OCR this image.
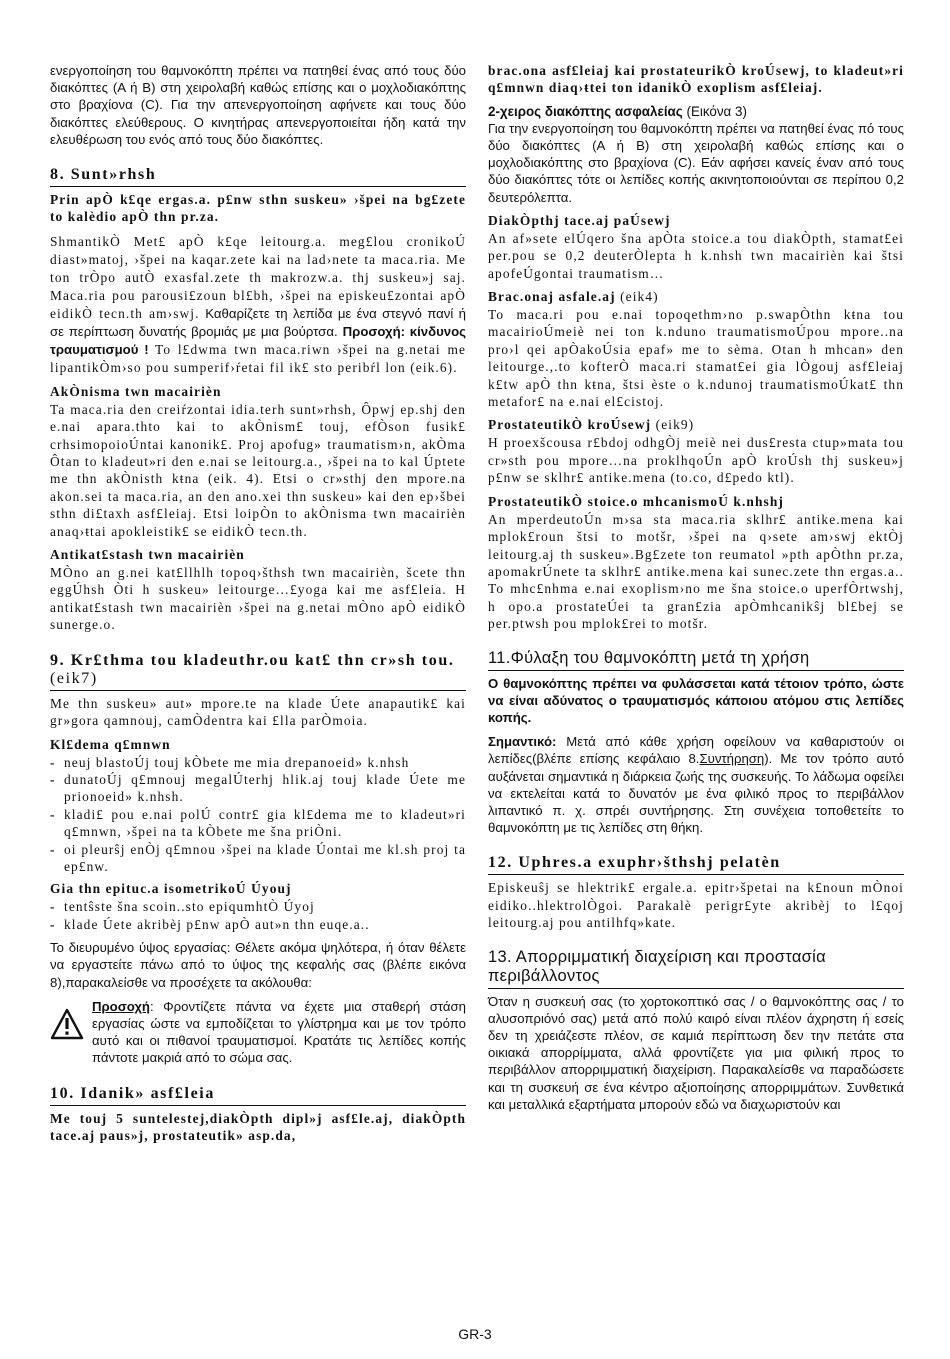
ενεργοποίηση του θαμνοκόπτη πρέπει να πατηθεί ένας από τους δύο διακόπτες (A ή B) στη χειρολαβή καθώς επίσης και ο μοχλοδιακόπτης στο βραχίονα (C). Για την απενεργοποίηση αφήνετε και τους δύο διακόπτες ελεύθερους. Ο κινητήρας απενεργοποιείται ήδη κατά την ελευθέρωση του ενός από τους δύο διακόπτες.

8. Sunt»rhsh

Prin apÒ k£qe ergas.a. p£nw sthn suskeu» ›špei na bg£zete to kalèdio apÒ thn pr.za.

ShmantikÒ Met£ apÒ k£qe leitourg.a. meg£lou cronikoÚ diast»matoj, ›špei na kaqar.zete kai na lad›nete ta maca.ria. Me ton trÒpo autÒ exasfal.zete th makrozw.a. thj suskeu»j saj. Maca.ria pou parousi£zoun bl£bh, ›špei na episkeu£zontai apÒ eidikÒ tecn.th am›swj. Καθαρίζετε τη λεπίδα με ένα στεγνό πανί ή σε περίπτωση δυνατής βρομιάς με μια βούρτσα. Προσοχή: κίνδυνος τραυματισμού ! To l£dwma twn maca.riwn ›špei na g.netai me lipantikÒm›so pou sumperif›ŕetai fil ik£ sto peribŕl lon (eik.6).

AkÒnisma twn macairièn

Ta maca.ria den creiŕzontai idia.terh sunt»rhsh, Ôpwj ep.shj den e.nai apara.thto kai to akÒnism£ touj, efÒson fusik£ crhsimopoioÚntai kanonik£. Proj apofug» traumatism›n, akÒma Ôtan to kladeut»ri den e.nai se leitourg.a., ›špei na to kal Úptete me thn akÒnisth kŧna (eik. 4). Etsi o cr»sthj den mpore.na akon.sei ta maca.ria, an den ano.xei thn suskeu» kai den ep›šbei sthn di£taxh asf£leiaj. Etsi loipÒn to akÒnisma twn macairièn anaq›ŧtai apokleistik£ se eidikÒ tecn.th.

Antikat£stash twn macairièn

MÒno an g.nei kat£llhlh topoq›šthsh twn macairièn, šcete thn eggÚhsh Òti h suskeu» leitourge…£yoga kai me asf£leia. H antikat£stash twn macairièn ›špei na g.netai mÒno apÒ eidikÒ sunerge.o.

9. Kr£thma tou kladeuthr.ou kat£ thn cr»sh tou. (eik7)

Me thn suskeu» aut» mpore.te na klade Úete anapautik£ kai gr»gora qamnouj, camÒdentra kai £lla parÒmoia.

Kl£dema q£mnwn
- neuj blastoÚj touj kÒbete me mia drepanoeid» k.nhsh
- dunatoÚj q£mnouj megalÚterhj hlik.aj touj klade Úete me prionoeid» k.nhsh.
- kladi£ pou e.nai polÚ contr£ gia kl£dema me to kladeut»ri q£mnwn, ›špei na ta kÒbete me šna priÒni.
- oi pleurŝj enÒj q£mnou ›špei na klade Úontai me kl.sh proj ta ep£nw.
Gia thn epituc.a isometrikoÚ Úyouj
- tentŝste šna scoin..sto epiqumhtÒ Úyoj
- klade Úete akribèj p£nw apÒ aut»n thn euqe.a..

Το διευρυμένο ύψος εργασίας: Θέλετε ακόμα ψηλότερα, ή όταν θέλετε να εργαστείτε πάνω από το ύψος της κεφαλής σας (βλέπε εικόνα 8),παρακαλείσθε να προσέχετε τα ακόλουθα:

Προσοχή: Φροντίζετε πάντα να έχετε μια σταθερή στάση εργασίας ώστε να εμποδίζεται το γλίστρημα και με τον τρόπο αυτό και οι πιθανοί τραυματισμοί. Κρατάτε τις λεπίδες κοπής πάντοτε μακριά από το σώμα σας.

10. Idanik» asf£leia

Me touj 5 suntelestej,diakÒpth dipl»j asf£le.aj, diakÒpth tace.aj paus»j, prostateutik» asp.da,

brac.ona asf£leiaj kai prostateurikÒ kroÚsewj, to kladeut»ri q£mnwn diaq›ŧtei ton idanikÒ exoplism asf£leiaj.

2-χειρος διακόπτης ασφαλείας (Εικόνα 3)

Για την ενεργοποίηση του θαμνοκόπτη πρέπει να πατηθεί ένας πό τους δύο διακόπτες (A ή B) στη χειρολαβή καθώς επίσης και ο μοχλοδιακόπτης στο βραχίονα (C). Εάν αφήσει κανείς έναν από τους δύο διακόπτες τότε οι λεπίδες κοπής ακινητοποιούνται σε περίπου 0,2 δευτερόλεπτα.

DiakÒpthj tace.aj paÚsewj

An af»sete elÚqero šna apÒta stoice.a tou diakÒpth, stamat£ei per.pou se 0,2 deuterÒlepta h k.nhsh twn macairièn kai štsi apofeÚgontai traumatism…

Brac.onaj asfale.aj (eik4)

To maca.ri pou e.nai topoqethm›no p.swapÒthn kŧna tou macairioÚmeiè nei ton k.nduno traumatismoÚpou mpore..na pro›l qei apÒakoÚsia epaf» me to sèma. Otan h mhcan» den leitourge.,.to kofterÒ maca.ri stamat£ei gia lÒgouj asf£leiaj k£tw apÒ thn kŧna, štsi èste o k.ndunoj traumatismoÚkat£ thn metafor£ na e.nai el£cistoj.

ProstateutikÒ kroÚsewj (eik9)

H proexšcousa r£bdoj odhgÒj meiè nei dus£resta ctup»mata tou cr»sth pou mpore…na proklhqoÚn apÒ kroÚsh thj suskeu»j p£nw se sklhr£ antike.mena (to.co, d£pedo ktl).

ProstateutikÒ stoice.o mhcanismoÚ k.nhshj

An mperdeutoÚn m›sa sta maca.ria sklhr£ antike.mena kai mplok£roun štsi to motšr, ›špei na q›sete am›swj ektÒj leitourg.aj th suskeu».Bg£zete ton reumatol »pth apÒthn pr.za, apomakrÚnete ta sklhr£ antike.mena kai sunec.zete thn ergas.a.. To mhc£nhma e.nai exoplism›no me šna stoice.o uperfÒrtwshj, h opo.a prostateÚei ta gran£zia apÒmhcanikŝj bl£bej se per.ptwsh pou mplok£rei to motšr.

11.Φύλαξη του θαμνοκόπτη μετά τη χρήση

Ο θαμνοκόπτης πρέπει να φυλάσσεται κατά τέτοιον τρόπο, ώστε να είναι αδύνατος ο τραυματισμός κάποιου ατόμου στις λεπίδες κοπής.

Σημαντικό: Μετά από κάθε χρήση οφείλουν να καθαριστούν οι λεπίδες(βλέπε επίσης κεφάλαιο 8.Συντήρηση). Με τον τρόπο αυτό αυξάνεται σημαντικά η διάρκεια ζωής της συσκευής. Το λάδωμα οφείλει να εκτελείται κατά το δυνατόν με ένα φιλικό προς το περιβάλλον λιπαντικό π. χ. σπρέι συντήρησης. Στη συνέχεια τοποθετείτε το θαμνοκόπτη με τις λεπίδες στη θήκη.

12. Uphres.a exuphr›šthshj pelatèn

Episkeuŝj se hlektrik£ ergale.a. epitr›špetai na k£noun mÒnoi eidiko..hlektrolÒgoi. Parakalè perigr£yte akribèj to l£qoj leitourg.aj pou antilhfq»kate.

13. Απορριμματική διαχείριση και προστασία περιβάλλοντος

Όταν η συσκευή σας (το χορτοκοπτικό σας / ο θαμνοκόπτης σας / το αλυσοπριόνό σας) μετά από πολύ καιρό είναι πλέον άχρηστη ή εσείς δεν τη χρειάζεστε πλέον, σε καμιά περίπτωση δεν την πετάτε στα οικιακά απορρίμματα, αλλά φροντίζετε για μια φιλική προς το περιβάλλον απορριμματική διαχείριση. Παρακαλείσθε να παραδώσετε και τη συσκευή σε ένα κέντρο αξιοποίησης απορριμμάτων. Συνθετικά και μεταλλικά εξαρτήματα μπορούν εδώ να διαχωριστούν και

GR-3
